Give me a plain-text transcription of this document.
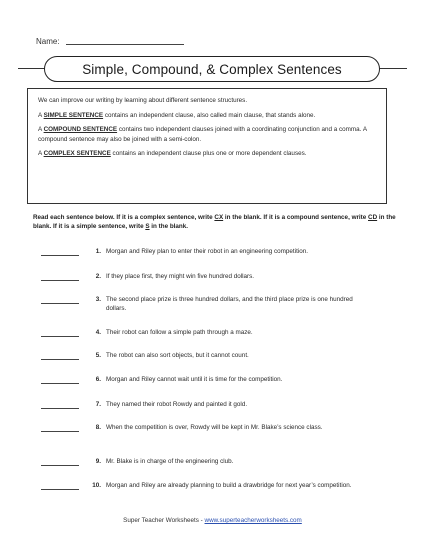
Name:
Simple, Compound, & Complex Sentences

We can improve our writing by learning about different sentence structures.

A SIMPLE SENTENCE contains an independent clause, also called main clause, that stands alone.

A COMPOUND SENTENCE contains two independent clauses joined with a coordinating conjunction and a comma. A compound sentence may also be joined with a semi-colon.

A COMPLEX SENTENCE contains an independent clause plus one or more dependent clauses.

Read each sentence below. If it is a complex sentence, write CX in the blank. If it is a compound sentence, write CD in the blank. If it is a simple sentence, write S in the blank.
1. Morgan and Riley plan to enter their robot in an engineering competition.
2. If they place first, they might win five hundred dollars.
3. The second place prize is three hundred dollars, and the third place prize is one hundred dollars.
4. Their robot can follow a simple path through a maze.
5. The robot can also sort objects, but it cannot count.
6. Morgan and Riley cannot wait until it is time for the competition.
7. They named their robot Rowdy and painted it gold.
8. When the competition is over, Rowdy will be kept in Mr. Blake’s science class.
9. Mr. Blake is in charge of the engineering club.
10. Morgan and Riley are already planning to build a drawbridge for next year’s competition.
Super Teacher Worksheets - www.superteacherworksheets.com
